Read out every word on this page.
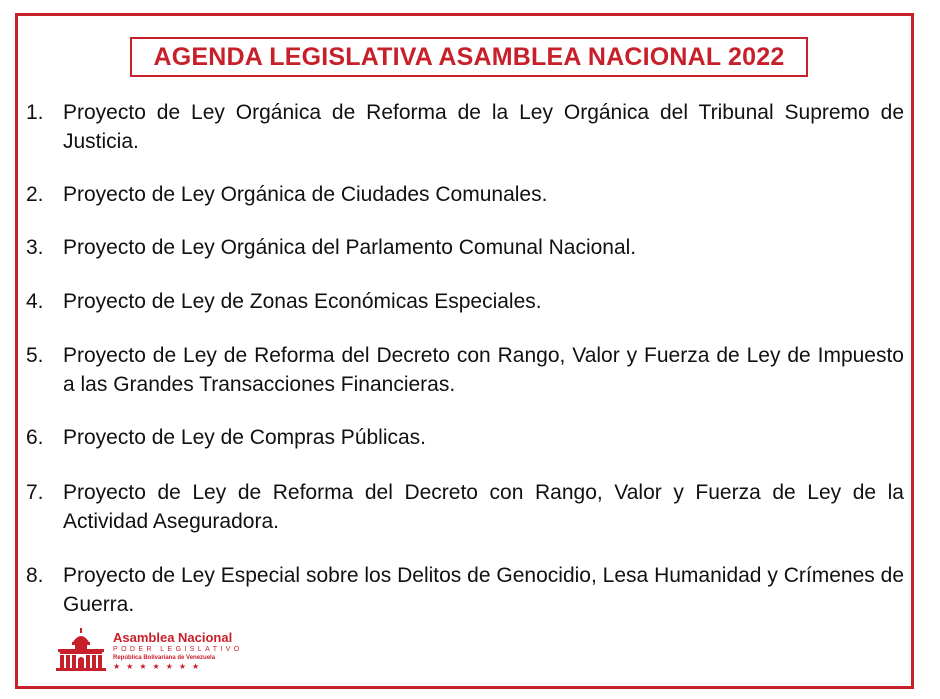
AGENDA LEGISLATIVA ASAMBLEA NACIONAL 2022
1. Proyecto de Ley Orgánica de Reforma de la Ley Orgánica del Tribunal Supremo de Justicia.
2. Proyecto de Ley Orgánica de Ciudades Comunales.
3. Proyecto de Ley Orgánica del Parlamento Comunal Nacional.
4. Proyecto de Ley de Zonas Económicas Especiales.
5. Proyecto de Ley de Reforma del Decreto con Rango, Valor y Fuerza de Ley de Impuesto a las Grandes Transacciones Financieras.
6. Proyecto de Ley de Compras Públicas.
7. Proyecto de Ley de Reforma del Decreto con Rango, Valor y Fuerza de Ley de la Actividad Aseguradora.
8. Proyecto de Ley Especial sobre los Delitos de Genocidio, Lesa Humanidad y Crímenes de Guerra.
Asamblea Nacional
PODER LEGISLATIVO
República Bolivariana de Venezuela
★★★★★★★
